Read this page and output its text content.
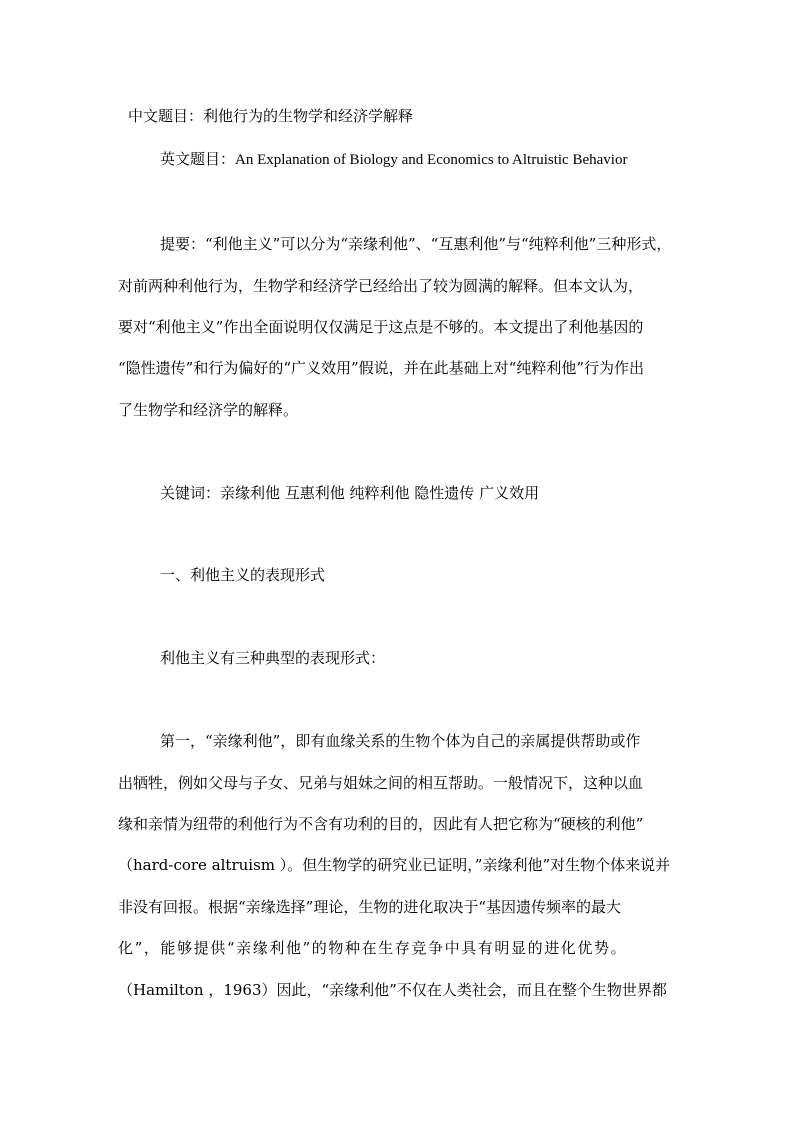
中文题目：利他行为的生物学和经济学解释
英文题目：An Explanation of Biology and Economics to Altruistic Behavior
提要：“利他主义”可以分为“亲缘利他”、“互惠利他”与“纯粹利他”三种形式，
对前两种利他行为，生物学和经济学已经给出了较为圆满的解释。但本文认为，
要对“利他主义”作出全面说明仅仅满足于这点是不够的。本文提出了利他基因的
“隐性遗传”和行为偏好的“广义效用”假说，并在此基础上对“纯粹利他”行为作出
了生物学和经济学的解释。
关键词：亲缘利他 互惠利他 纯粹利他 隐性遗传 广义效用
一、利他主义的表现形式
利他主义有三种典型的表现形式：
第一，“亲缘利他”，即有血缘关系的生物个体为自己的亲属提供帮助或作
出牺牲，例如父母与子女、兄弟与姐妹之间的相互帮助。一般情况下，这种以血
缘和亲情为纽带的利他行为不含有功利的目的，因此有人把它称为“硬核的利他”
（hard-core altruism ）。但生物学的研究业已证明，”亲缘利他”对生物个体来说并
非没有回报。根据“亲缘选择”理论，生物的进化取决于“基因遗传频率的最大
化”，能够提供“亲缘利他”的物种在生存竞争中具有明显的进化优势。
（Hamilton ，1963）因此，“亲缘利他”不仅在人类社会，而且在整个生物世界都
